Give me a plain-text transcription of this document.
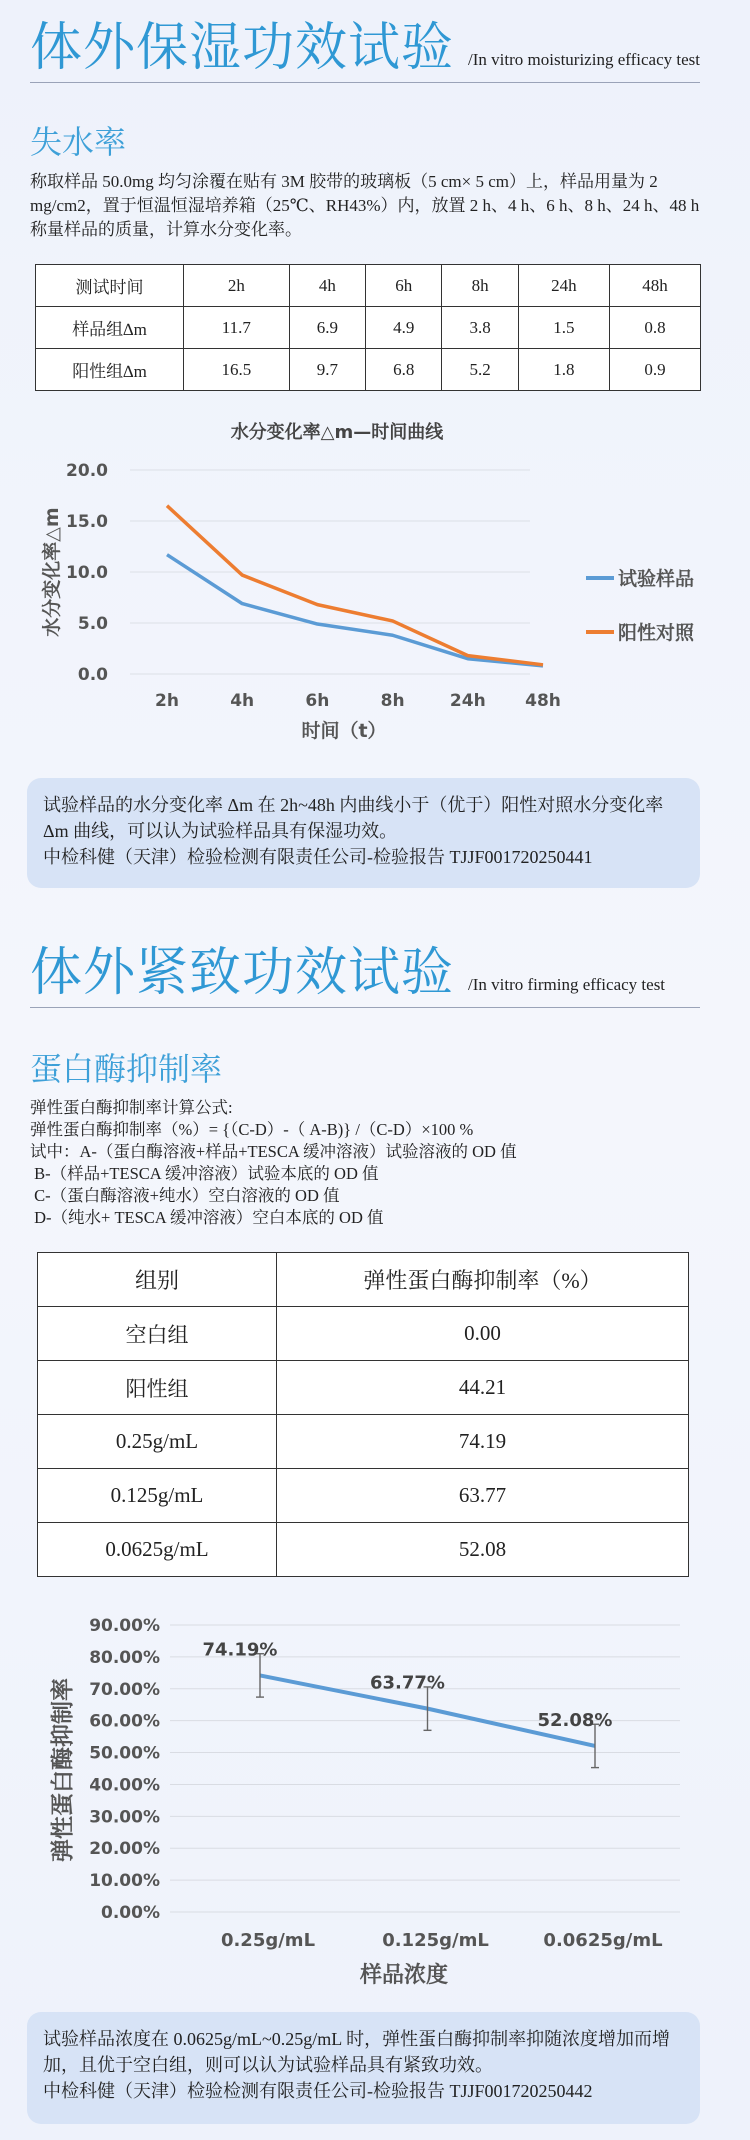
体外保湿功效试验 /In vitro moisturizing efficacy test
失水率
称取样品 50.0mg 均匀涂覆在贴有 3M 胶带的玻璃板（5 cm× 5 cm）上，样品用量为 2 mg/cm2，置于恒温恒湿培养箱（25℃、RH43%）内，放置 2 h、4 h、6 h、8 h、24 h、48 h 称量样品的质量，计算水分变化率。
测试时间	2h	4h	6h	8h	24h	48h
样品组∆m	11.7	6.9	4.9	3.8	1.5	0.8
阳性组∆m	16.5	9.7	6.8	5.2	1.8	0.9
水分变化率△m—时间曲线
0.0
5.0
10.0
15.0
20.0
2h	4h	6h	8h	24h 48h
时间（t）
水分变化率△m	试验样品
阳性对照
试验样品的水分变化率 Δm 在 2h~48h 内曲线小于（优于）阳性对照水分变化率 Δm 曲线，可以认为试验样品具有保湿功效。
中检科健（天津）检验检测有限责任公司-检验报告 TJJF001720250441
体外紧致功效试验 /In vitro firming efficacy test
蛋白酶抑制率
弹性蛋白酶抑制率计算公式:
弹性蛋白酶抑制率（%）= {（C-D）-（ A-B)} /（C-D）×100 %
试中：A-（蛋白酶溶液+样品+TESCA 缓冲溶液）试验溶液的 OD 值
B-（样品+TESCA 缓冲溶液）试验本底的 OD 值
C-（蛋白酶溶液+纯水）空白溶液的 OD 值
D-（纯水+ TESCA 缓冲溶液）空白本底的 OD 值
组别	弹性蛋白酶抑制率（%）
空白组	0.00
阳性组	44.21
0.25g/mL	74.19
0.125g/mL	63.77
0.0625g/mL	52.08
0.00%
10.00%
20.00%
30.00%
40.00%
50.00%
60.00%
70.00%
80.00%
90.00%
0.25g/mL	0.125g/mL	0.0625g/mL
样品浓度
弹性蛋白酶抑制率
74.19%
63.77%
52.08%
试验样品浓度在 0.0625g/mL~0.25g/mL 时，弹性蛋白酶抑制率抑随浓度增加而增加，且优于空白组，则可以认为试验样品具有紧致功效。
中检科健（天津）检验检测有限责任公司-检验报告 TJJF001720250442
